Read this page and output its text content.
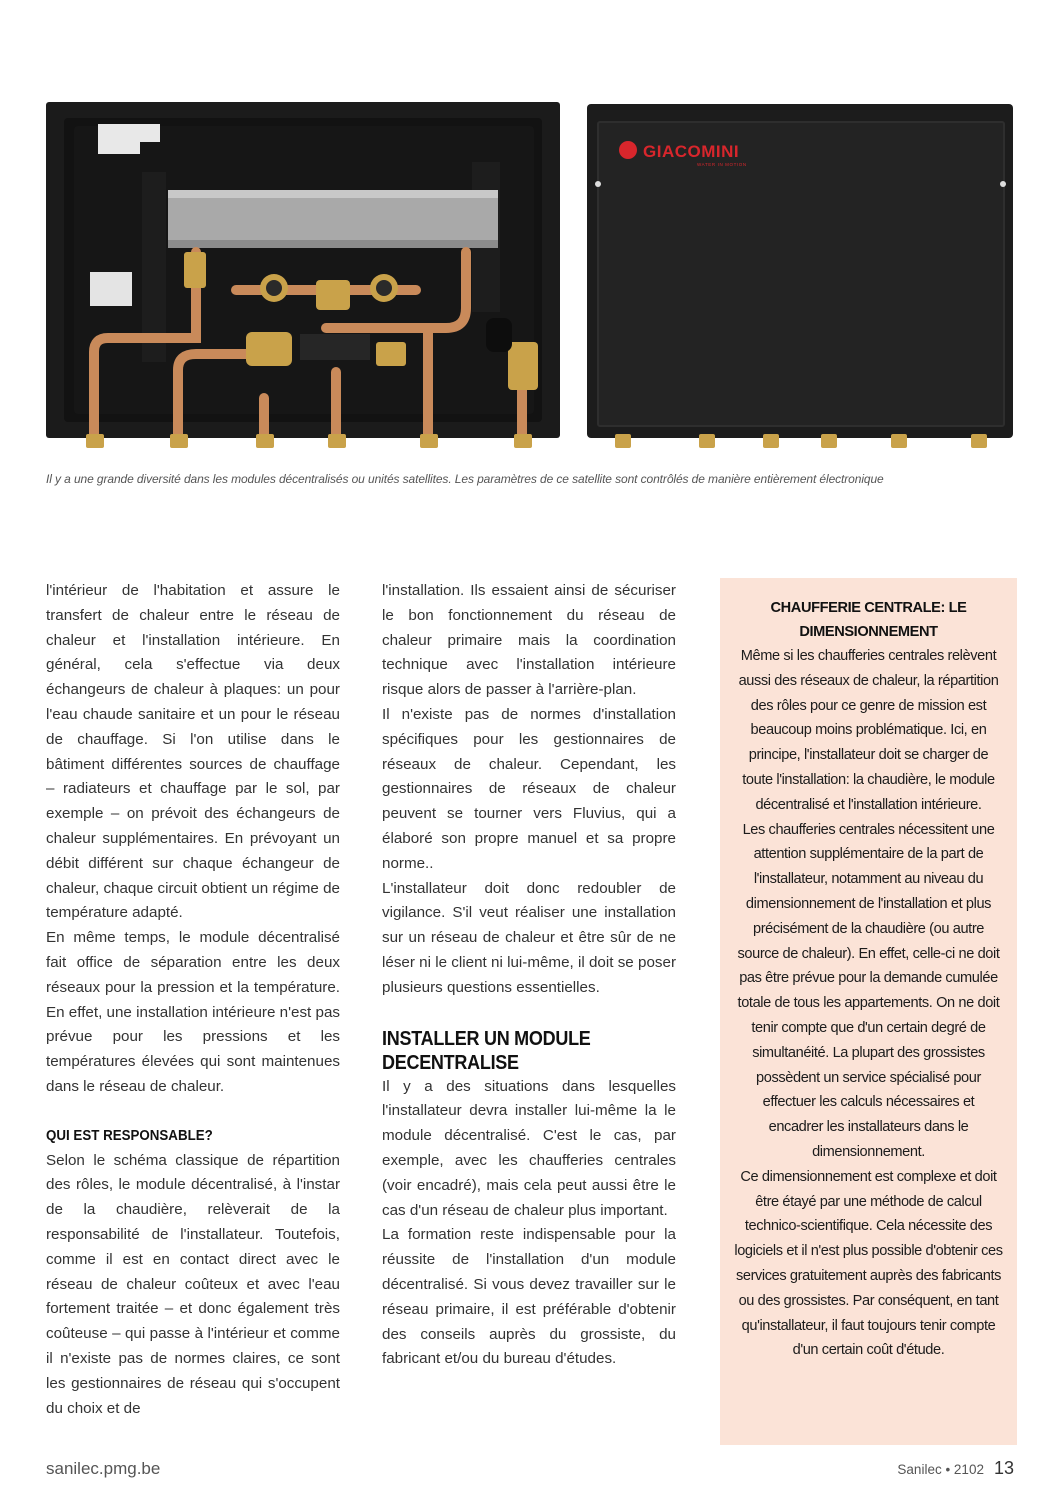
GIACOMINI
WATER IN MOTION
Il y a une grande diversité dans les modules décentralisés ou unités satellites. Les paramètres de ce satellite sont contrôlés de manière entièrement électronique

l'intérieur de l'habitation et assure le transfert de chaleur entre le réseau de chaleur et l'installation intérieure. En général, cela s'effectue via deux échangeurs de chaleur à plaques: un pour l'eau chaude sanitaire et un pour le réseau de chauffage. Si l'on utilise dans le bâtiment différentes sources de chauffage – radiateurs et chauffage par le sol, par exemple – on prévoit des échangeurs de chaleur supplémentaires. En prévoyant un débit différent sur chaque échangeur de chaleur, chaque circuit obtient un régime de température adapté.

En même temps, le module décentralisé fait office de séparation entre les deux réseaux pour la pression et la température. En effet, une installation intérieure n'est pas prévue pour les pressions et les températures élevées qui sont maintenues dans le réseau de chaleur.

QUI EST RESPONSABLE?

Selon le schéma classique de répartition des rôles, le module décentralisé, à l'instar de la chaudière, relèverait de la responsabilité de l'installateur. Toutefois, comme il est en contact direct avec le réseau de chaleur coûteux et avec l'eau fortement traitée – et donc également très coûteuse – qui passe à l'intérieur et comme il n'existe pas de normes claires, ce sont les gestionnaires de réseau qui s'occupent du choix et de

l'installation. Ils essaient ainsi de sécuriser le bon fonctionnement du réseau de chaleur primaire mais la coordination technique avec l'installation intérieure risque alors de passer à l'arrière-plan.

Il n'existe pas de normes d'installation spécifiques pour les gestionnaires de réseaux de chaleur. Cependant, les gestionnaires de réseaux de chaleur peuvent se tourner vers Fluvius, qui a élaboré son propre manuel et sa propre norme..

L'installateur doit donc redoubler de vigilance. S'il veut réaliser une installation sur un réseau de chaleur et être sûr de ne léser ni le client ni lui-même, il doit se poser plusieurs questions essentielles.

INSTALLER UN MODULE DECENTRALISE

Il y a des situations dans lesquelles l'installateur devra installer lui-même la le module décentralisé. C'est le cas, par exemple, avec les chaufferies centrales (voir encadré), mais cela peut aussi être le cas d'un réseau de chaleur plus important.

La formation reste indispensable pour la réussite de l'installation d'un module décentralisé. Si vous devez travailler sur le réseau primaire, il est préférable d'obtenir des conseils auprès du grossiste, du fabricant et/ou du bureau d'études.

CHAUFFERIE CENTRALE: LE DIMENSIONNEMENT

Même si les chaufferies centrales relèvent aussi des réseaux de chaleur, la répartition des rôles pour ce genre de mission est beaucoup moins problématique. Ici, en principe, l'installateur doit se charger de toute l'installation: la chaudière, le module décentralisé et l'installation intérieure.

Les chaufferies centrales nécessitent une attention supplémentaire de la part de l'installateur, notamment au niveau du dimensionnement de l'installation et plus précisément de la chaudière (ou autre source de chaleur). En effet, celle-ci ne doit pas être prévue pour la demande cumulée totale de tous les appartements. On ne doit tenir compte que d'un certain degré de simultanéité. La plupart des grossistes possèdent un service spécialisé pour effectuer les calculs nécessaires et encadrer les installateurs dans le dimensionnement.

Ce dimensionnement est complexe et doit être étayé par une méthode de calcul technico-scientifique. Cela nécessite des logiciels et il n'est plus possible d'obtenir ces services gratuitement auprès des fabricants ou des grossistes. Par conséquent, en tant qu'installateur, il faut toujours tenir compte d'un certain coût d'étude.

sanilec.pmg.be	Sanilec • 2102 13
